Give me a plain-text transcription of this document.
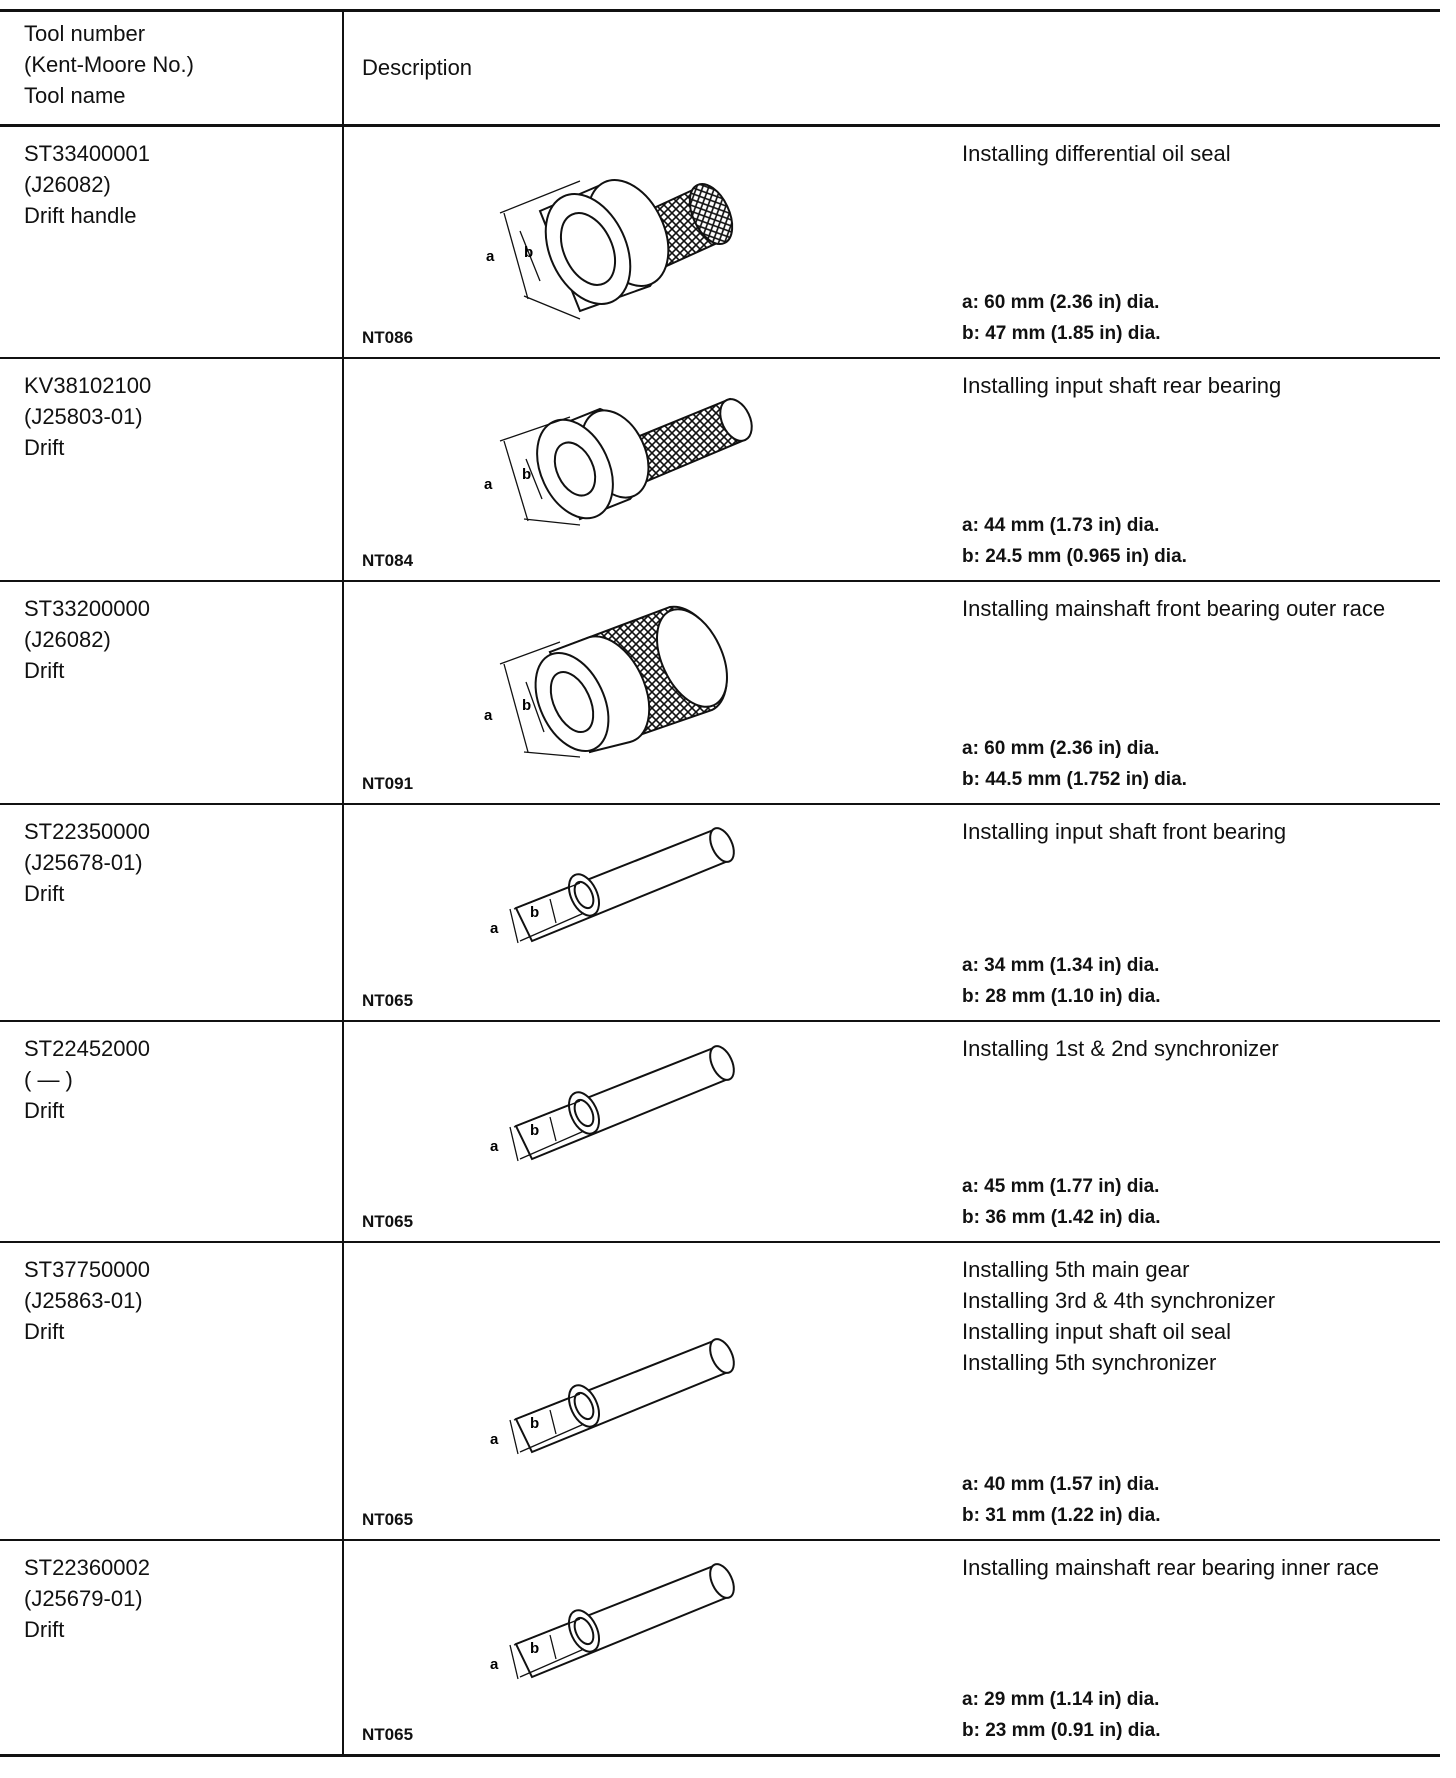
Tool number
(Kent-Moore No.)
Tool name
Description
ST33400001
(J26082)
Drift handle
NT086
Installing differential oil seal
a: 60 mm (2.36 in) dia.
b: 47 mm (1.85 in) dia.
a b
KV38102100
(J25803-01)
Drift
NT084
Installing input shaft rear bearing
a: 44 mm (1.73 in) dia.
b: 24.5 mm (0.965 in) dia.
a
b
ST33200000
(J26082)
Drift
NT091
Installing mainshaft front bearing outer race
a: 60 mm (2.36 in) dia.
b: 44.5 mm (1.752 in) dia.
a
b
ST22350000
(J25678-01)
Drift
NT065
Installing input shaft front bearing
a: 34 mm (1.34 in) dia.
b: 28 mm (1.10 in) dia.
a
b
ST22452000
( — )
Drift
NT065
Installing 1st & 2nd synchronizer
a: 45 mm (1.77 in) dia.
b: 36 mm (1.42 in) dia.
a
b
ST37750000
(J25863-01)
Drift
NT065
Installing 5th main gear
Installing 3rd & 4th synchronizer
Installing input shaft oil seal
Installing 5th synchronizer
a: 40 mm (1.57 in) dia.
b: 31 mm (1.22 in) dia.
a
b
ST22360002
(J25679-01)
Drift
NT065
Installing mainshaft rear bearing inner race
a: 29 mm (1.14 in) dia.
b: 23 mm (0.91 in) dia.
a
b
